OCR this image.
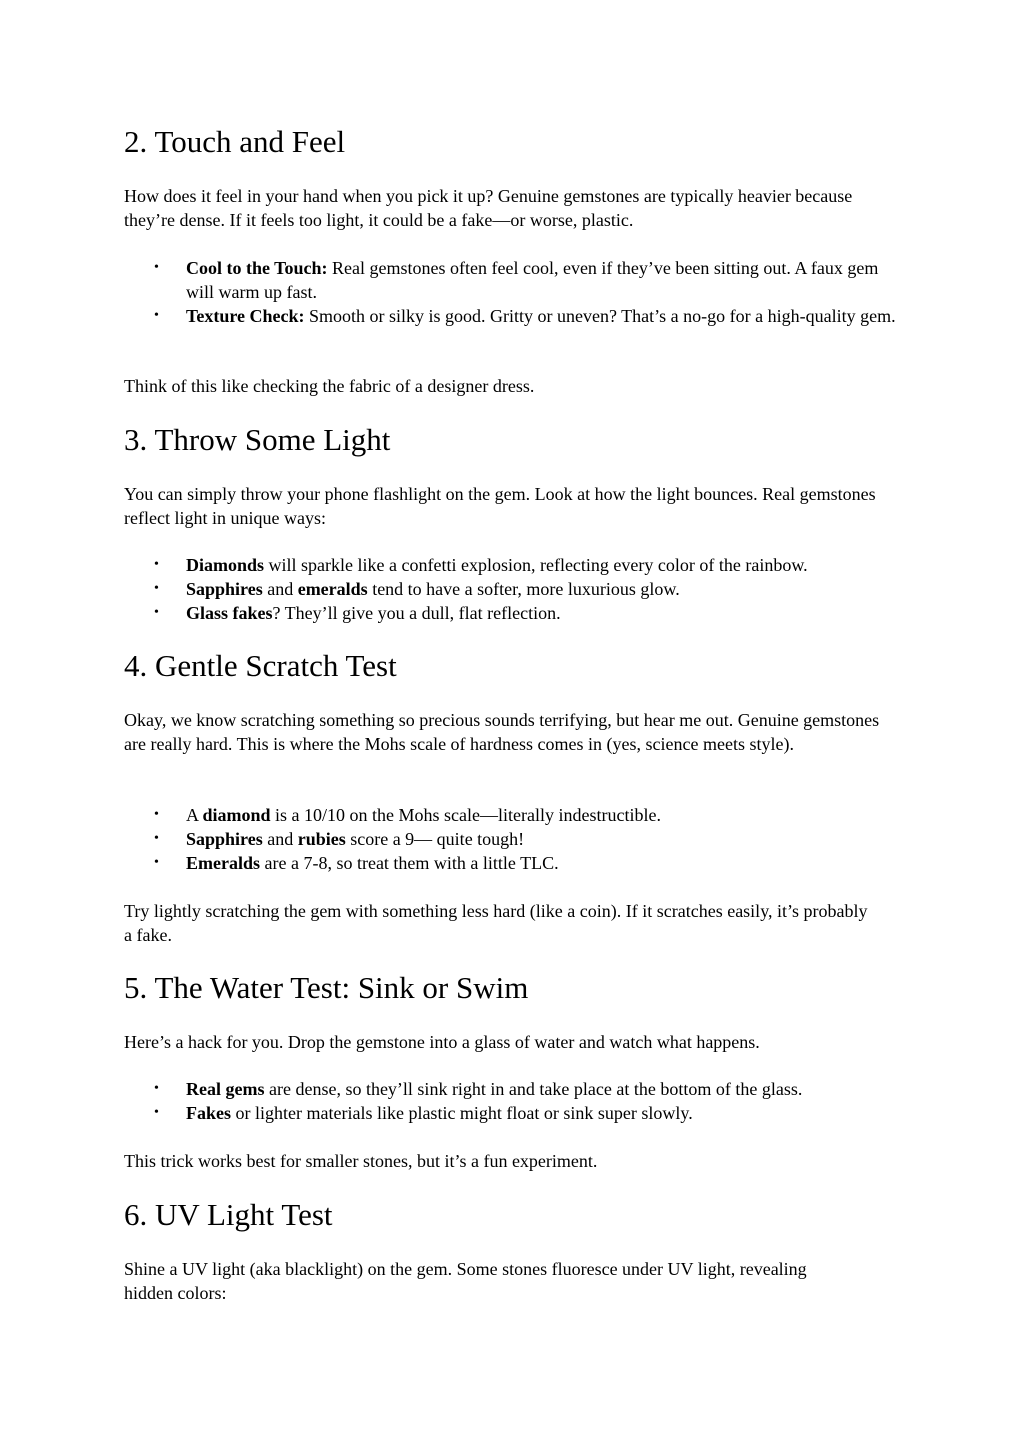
2. Touch and Feel

How does it feel in your hand when you pick it up? Genuine gemstones are typically heavier because they’re dense. If it feels too light, it could be a fake—or worse, plastic.

• Cool to the Touch: Real gemstones often feel cool, even if they’ve been sitting out. A faux gem will warm up fast.
• Texture Check: Smooth or silky is good. Gritty or uneven? That’s a no-go for a high-quality gem.

Think of this like checking the fabric of a designer dress.

3. Throw Some Light

You can simply throw your phone flashlight on the gem. Look at how the light bounces. Real gemstones reflect light in unique ways:

• Diamonds will sparkle like a confetti explosion, reflecting every color of the rainbow.
• Sapphires and emeralds tend to have a softer, more luxurious glow.
• Glass fakes? They’ll give you a dull, flat reflection.
4. Gentle Scratch Test

Okay, we know scratching something so precious sounds terrifying, but hear me out. Genuine gemstones are really hard. This is where the Mohs scale of hardness comes in (yes, science meets style).

• A diamond is a 10/10 on the Mohs scale—literally indestructible.
• Sapphires and rubies score a 9— quite tough!
• Emeralds are a 7-8, so treat them with a little TLC.

Try lightly scratching the gem with something less hard (like a coin). If it scratches easily, it’s probably a fake.

5. The Water Test: Sink or Swim

Here’s a hack for you. Drop the gemstone into a glass of water and watch what happens.

• Real gems are dense, so they’ll sink right in and take place at the bottom of the glass.
• Fakes or lighter materials like plastic might float or sink super slowly.

This trick works best for smaller stones, but it’s a fun experiment.

6. UV Light Test

Shine a UV light (aka blacklight) on the gem. Some stones fluoresce under UV light, revealing hidden colors:
